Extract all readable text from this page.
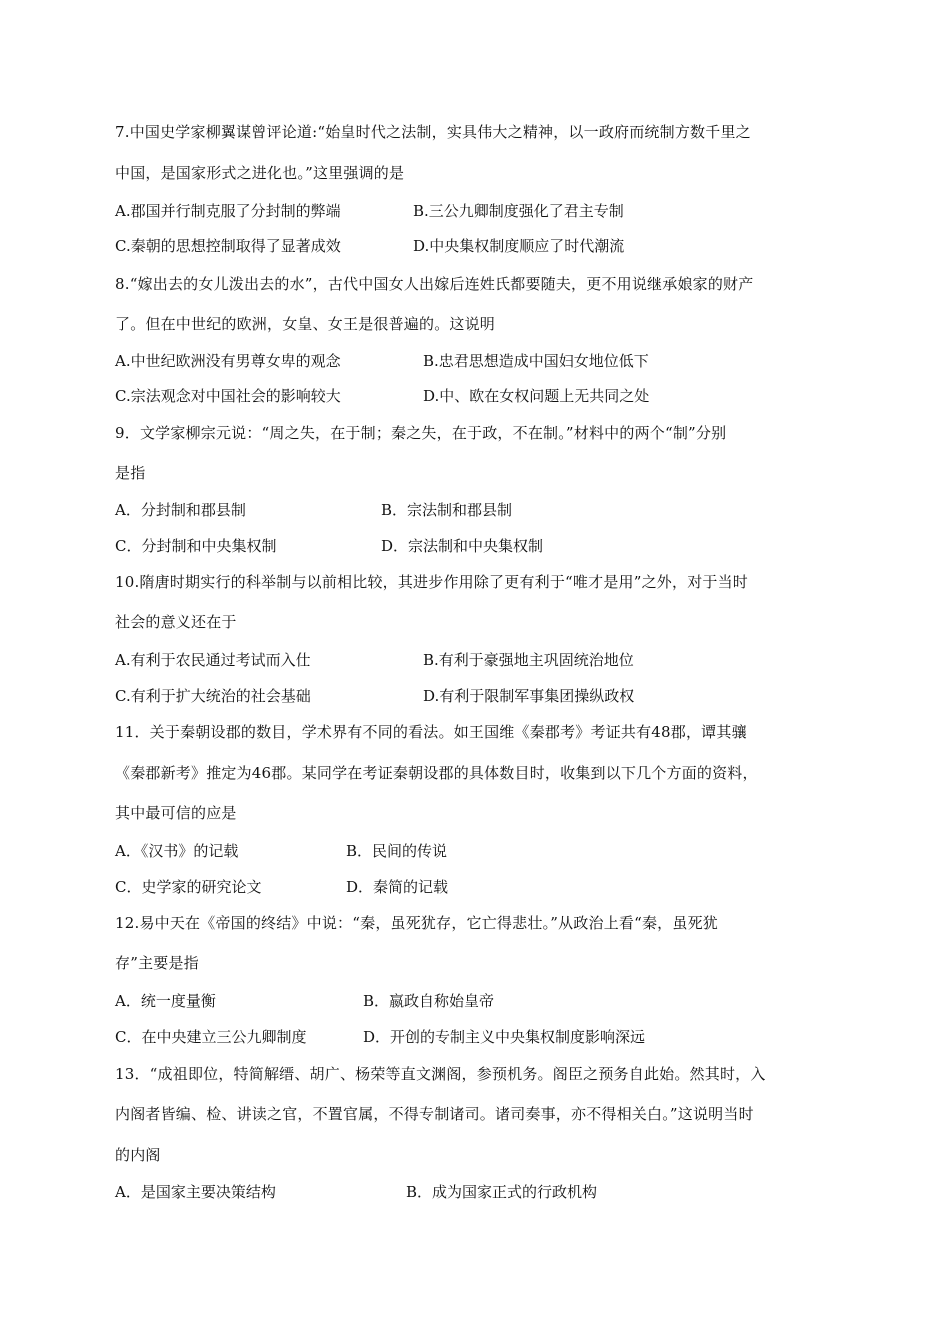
7.中国史学家柳翼谋曾评论道:“始皇时代之法制，实具伟大之精神，以一政府而统制方数千里之
中国，是国家形式之进化也。”这里强调的是
A.郡国并行制克服了分封制的弊端	B.三公九卿制度强化了君主专制
C.秦朝的思想控制取得了显著成效	D.中央集权制度顺应了时代潮流
8.“嫁出去的女儿泼出去的水”，古代中国女人出嫁后连姓氏都要随夫，更不用说继承娘家的财产
了。但在中世纪的欧洲，女皇、女王是很普遍的。这说明
A.中世纪欧洲没有男尊女卑的观念	B.忠君思想造成中国妇女地位低下
C.宗法观念对中国社会的影响较大	D.中、欧在女权问题上无共同之处
9．文学家柳宗元说：“周之失，在于制；秦之失，在于政，不在制。”材料中的两个“制”分别
是指
A．分封制和郡县制	B．宗法制和郡县制
C．分封制和中央集权制	D．宗法制和中央集权制
10.隋唐时期实行的科举制与以前相比较，其进步作用除了更有利于“唯才是用”之外，对于当时
社会的意义还在于
A.有利于农民通过考试而入仕	B.有利于豪强地主巩固统治地位
C.有利于扩大统治的社会基础	D.有利于限制军事集团操纵政权
11．关于秦朝设郡的数目，学术界有不同的看法。如王国维《秦郡考》考证共有48郡，谭其骧
《秦郡新考》推定为46郡。某同学在考证秦朝设郡的具体数目时，收集到以下几个方面的资料，
其中最可信的应是
A．《汉书》的记载	B．民间的传说
C．史学家的研究论文	D．秦简的记载
12.易中天在《帝国的终结》中说：“秦，虽死犹存，它亡得悲壮。”从政治上看“秦，虽死犹
存”主要是指
A．统一度量衡	B．嬴政自称始皇帝
C．在中央建立三公九卿制度	D．开创的专制主义中央集权制度影响深远
13．“成祖即位，特简解缙、胡广、杨荣等直文渊阁，参预机务。阁臣之预务自此始。然其时，入
内阁者皆编、检、讲读之官，不置官属，不得专制诸司。诸司奏事，亦不得相关白。”这说明当时
的内阁
A．是国家主要决策结构	B．成为国家正式的行政机构
